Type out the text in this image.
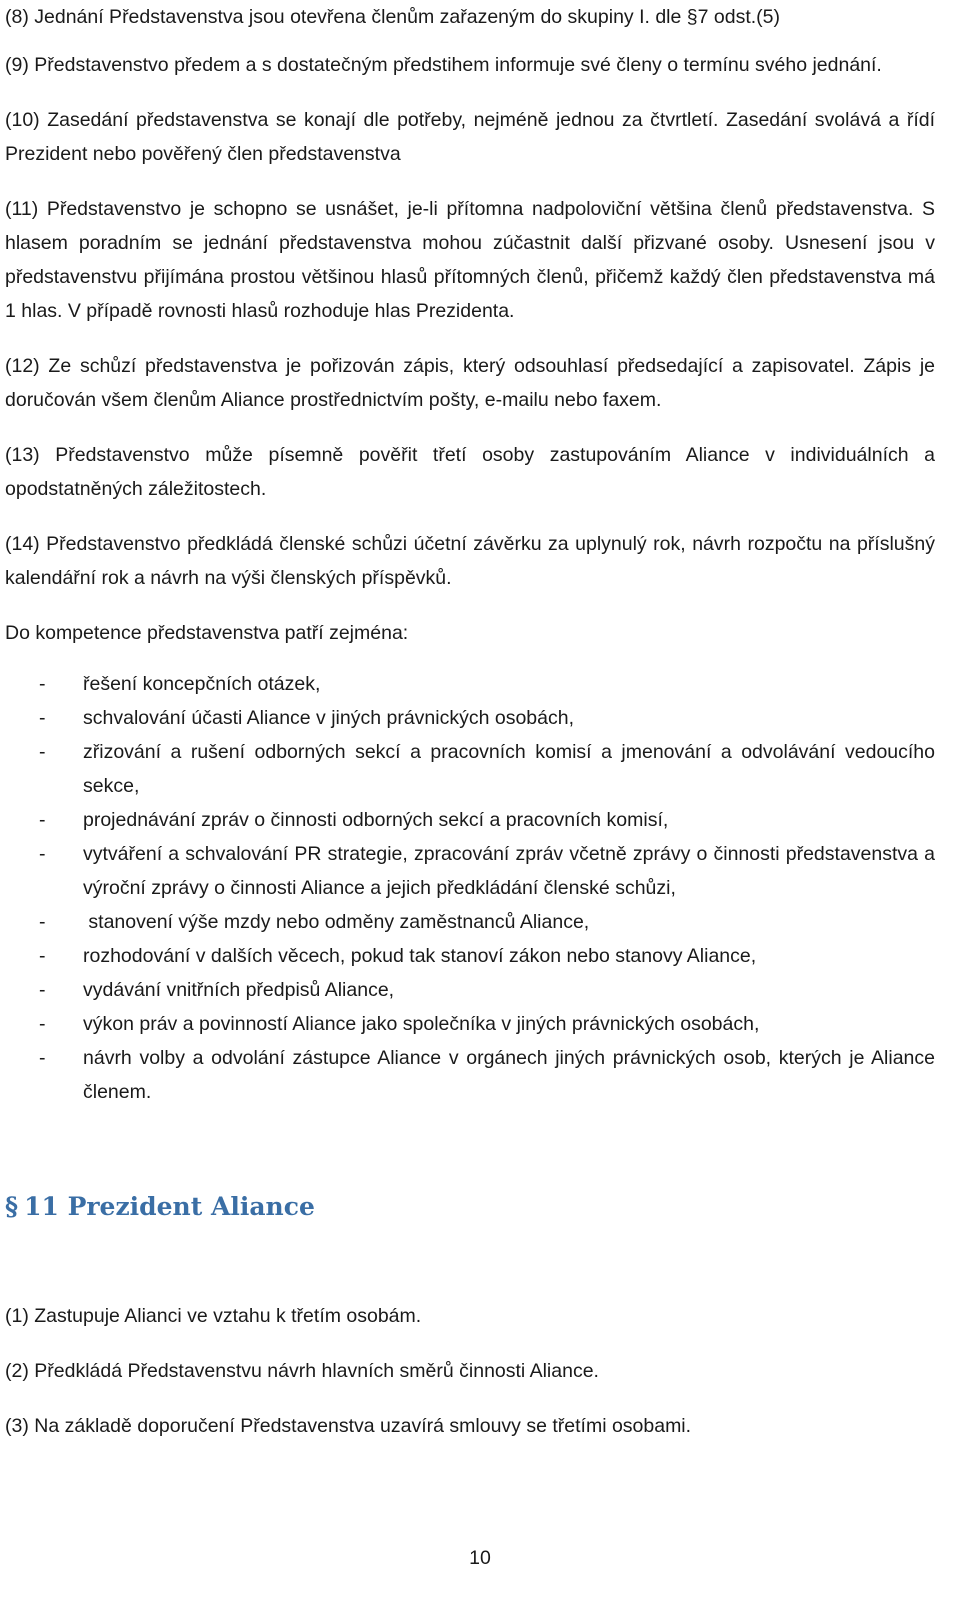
(8) Jednání Představenstva jsou otevřena členům zařazeným do skupiny I. dle §7 odst.(5)

(9) Představenstvo předem a s dostatečným předstihem informuje své členy o termínu svého jednání.

(10) Zasedání představenstva se konají dle potřeby, nejméně jednou za čtvrtletí. Zasedání svolává a řídí Prezident nebo pověřený člen představenstva

(11) Představenstvo je schopno se usnášet, je-li přítomna nadpoloviční většina členů představenstva. S hlasem poradním se jednání představenstva mohou zúčastnit další přizvané osoby. Usnesení jsou v představenstvu přijímána prostou většinou hlasů přítomných členů, přičemž každý člen představenstva má 1 hlas. V případě rovnosti hlasů rozhoduje hlas Prezidenta.

(12) Ze schůzí představenstva je pořizován zápis, který odsouhlasí předsedající a zapisovatel. Zápis je doručován všem členům Aliance prostřednictvím pošty, e-mailu nebo faxem.

(13) Představenstvo může písemně pověřit třetí osoby zastupováním Aliance v individuálních a opodstatněných záležitostech.

(14) Představenstvo předkládá členské schůzi účetní závěrku za uplynulý rok, návrh rozpočtu na příslušný kalendářní rok a návrh na výši členských příspěvků.

Do kompetence představenstva patří zejména:

-	řešení koncepčních otázek,
-	schvalování účasti Aliance v jiných právnických osobách,
-	zřizování a rušení odborných sekcí a pracovních komisí a jmenování a odvolávání vedoucího sekce,
-	projednávání zpráv o činnosti odborných sekcí a pracovních komisí,
-	vytváření a schvalování PR strategie, zpracování zpráv včetně zprávy o činnosti představenstva a výroční zprávy o činnosti Aliance a jejich předkládání členské schůzi,
-	stanovení výše mzdy nebo odměny zaměstnanců Aliance,
-	rozhodování v dalších věcech, pokud tak stanoví zákon nebo stanovy Aliance,
-	vydávání vnitřních předpisů Aliance,
-	výkon práv a povinností Aliance jako společníka v jiných právnických osobách,
-	návrh volby a odvolání zástupce Aliance v orgánech jiných právnických osob, kterých je Aliance členem.
§ 11 Prezident Aliance

(1) Zastupuje Alianci ve vztahu k třetím osobám.

(2) Předkládá Představenstvu návrh hlavních směrů činnosti Aliance.

(3) Na základě doporučení Představenstva uzavírá smlouvy se třetími osobami.

10
